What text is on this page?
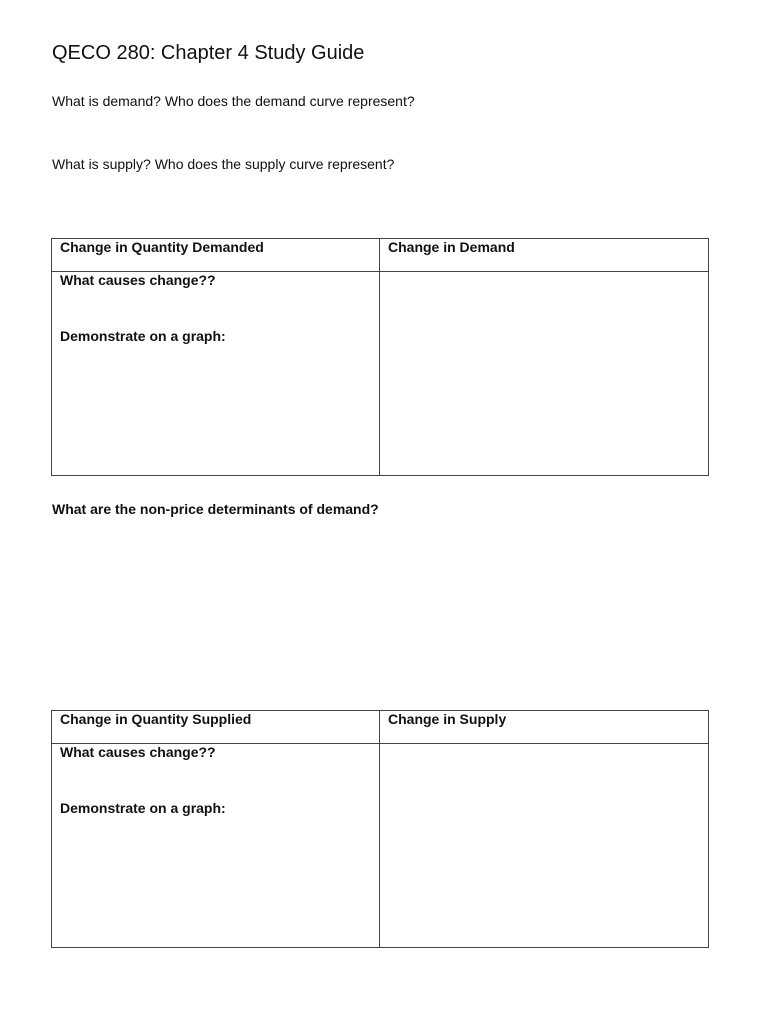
QECO 280: Chapter 4 Study Guide

What is demand? Who does the demand curve represent?

What is supply? Who does the supply curve represent?

Change in Quantity Demanded	Change in Demand

What causes change??
Demonstrate on a graph:	

What are the non-price determinants of demand?

Change in Quantity Supplied	Change in Supply

What causes change??
Demonstrate on a graph:	
